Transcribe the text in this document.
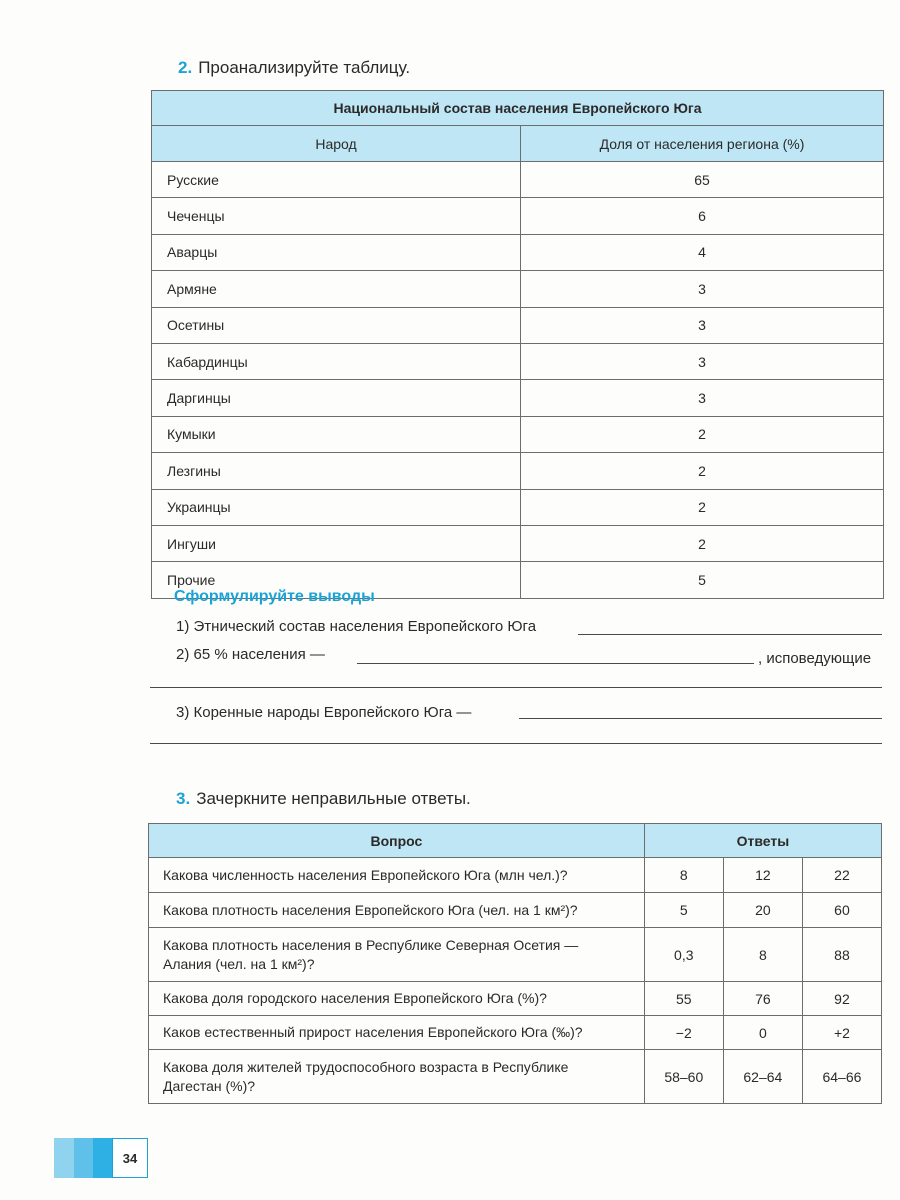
2. Проанализируйте таблицу.
Национальный состав населения Европейского Юга	
Народ	Доля от населения региона (%)
Русские	65
Чеченцы	6
Аварцы	4
Армяне	3
Осетины	3
Кабардинцы	3
Даргинцы	3
Кумыки	2
Лезгины	2
Украинцы	2
Ингуши	2
Прочие	5
Сформулируйте выводы
1) Этнический состав населения Европейского Юга
2) 65 % населения —	, исповедующие
3) Коренные народы Европейского Юга —
3. Зачеркните неправильные ответы.
Вопрос	Ответы		
Какова численность населения Европейского Юга (млн чел.)?	8	12	22
Какова плотность населения Европейского Юга (чел. на 1 км²)?	5	20	60
Какова плотность населения в Республике Северная Осетия — Алания (чел. на 1 км²)?	0,3	8	88
Какова доля городского населения Европейского Юга (%)?	55	76	92
Каков естественный прирост населения Европейского Юга (‰)?	−2	0	+2
Какова доля жителей трудоспособного возраста в Республике Дагестан (%)?	58–60	62–64	64–66
34
